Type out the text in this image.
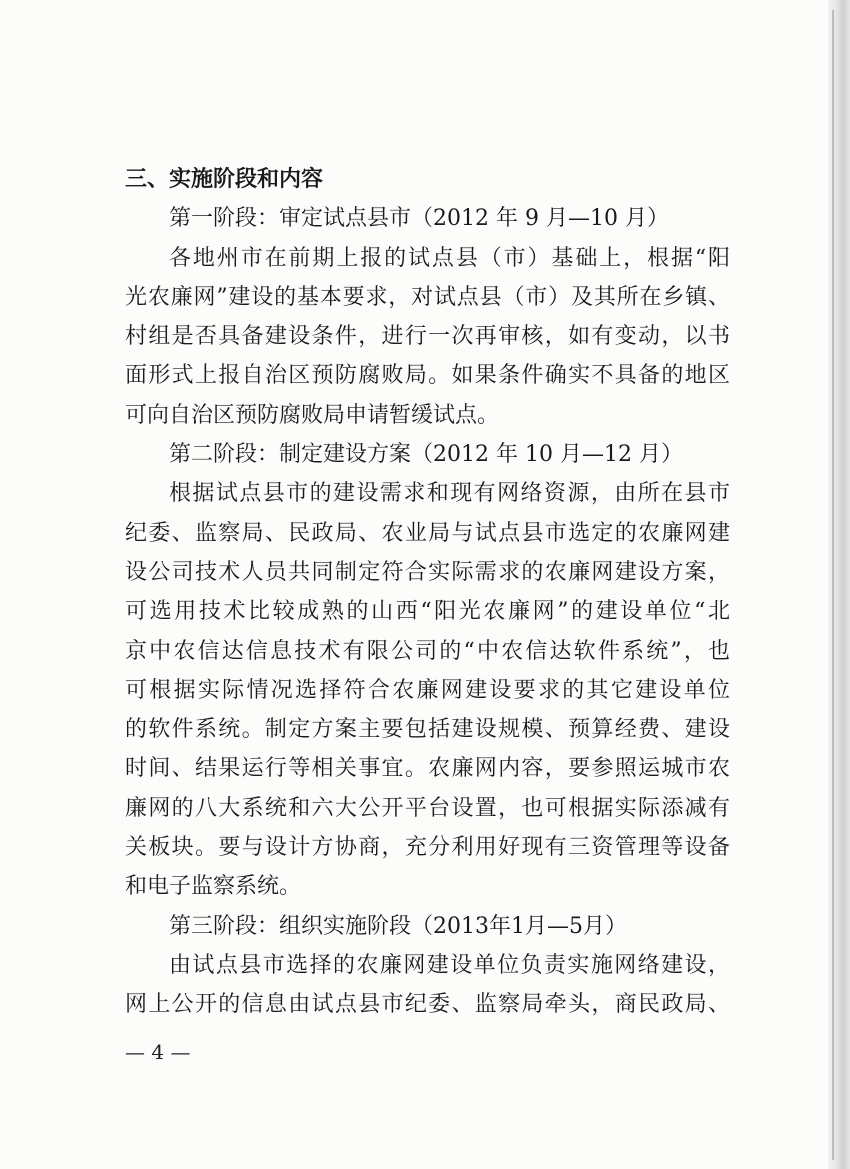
三、实施阶段和内容
第一阶段：审定试点县市（2012 年 9 月—10 月）
各地州市在前期上报的试点县（市）基础上，根据“阳
光农廉网”建设的基本要求，对试点县（市）及其所在乡镇、
村组是否具备建设条件，进行一次再审核，如有变动，以书
面形式上报自治区预防腐败局。如果条件确实不具备的地区
可向自治区预防腐败局申请暂缓试点。
第二阶段：制定建设方案（2012 年 10 月—12 月）
根据试点县市的建设需求和现有网络资源，由所在县市
纪委、监察局、民政局、农业局与试点县市选定的农廉网建
设公司技术人员共同制定符合实际需求的农廉网建设方案，
可选用技术比较成熟的山西“阳光农廉网”的建设单位“北
京中农信达信息技术有限公司的“中农信达软件系统”，也
可根据实际情况选择符合农廉网建设要求的其它建设单位
的软件系统。制定方案主要包括建设规模、预算经费、建设
时间、结果运行等相关事宜。农廉网内容，要参照运城市农
廉网的八大系统和六大公开平台设置，也可根据实际添减有
关板块。要与设计方协商，充分利用好现有三资管理等设备
和电子监察系统。
第三阶段：组织实施阶段（2013年1月—5月）
由试点县市选择的农廉网建设单位负责实施网络建设，
网上公开的信息由试点县市纪委、监察局牵头，商民政局、
— 4 —
